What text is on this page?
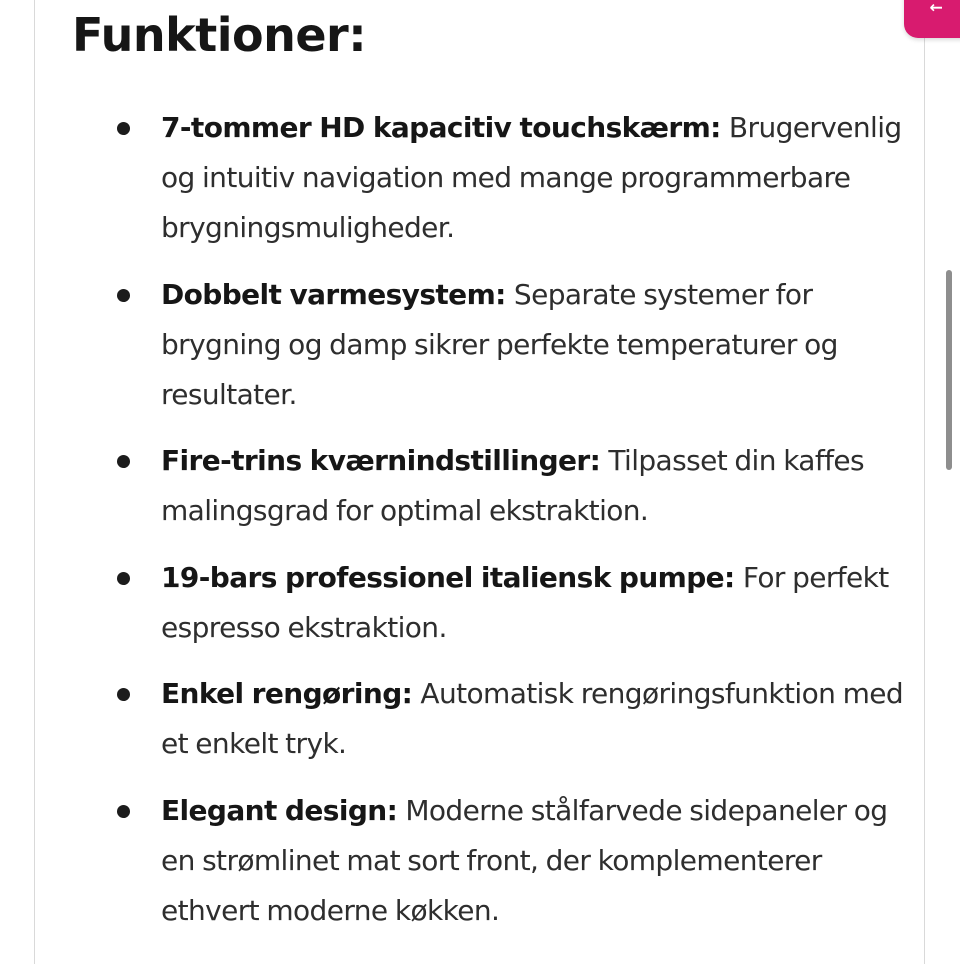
↑
Funktioner:
7-tommer HD kapacitiv touchskærm: Brugervenlig og intuitiv navigation med mange programmerbare brygningsmuligheder.
Dobbelt varmesystem: Separate systemer for brygning og damp sikrer perfekte temperaturer og resultater.
Fire-trins kværnindstillinger: Tilpasset din kaffes malingsgrad for optimal ekstraktion.
19-bars professionel italiensk pumpe: For perfekt espresso ekstraktion.
Enkel rengøring: Automatisk rengøringsfunktion med et enkelt tryk.
Elegant design: Moderne stålfarvede sidepaneler og en strømlinet mat sort front, der komplementerer ethvert moderne køkken.
